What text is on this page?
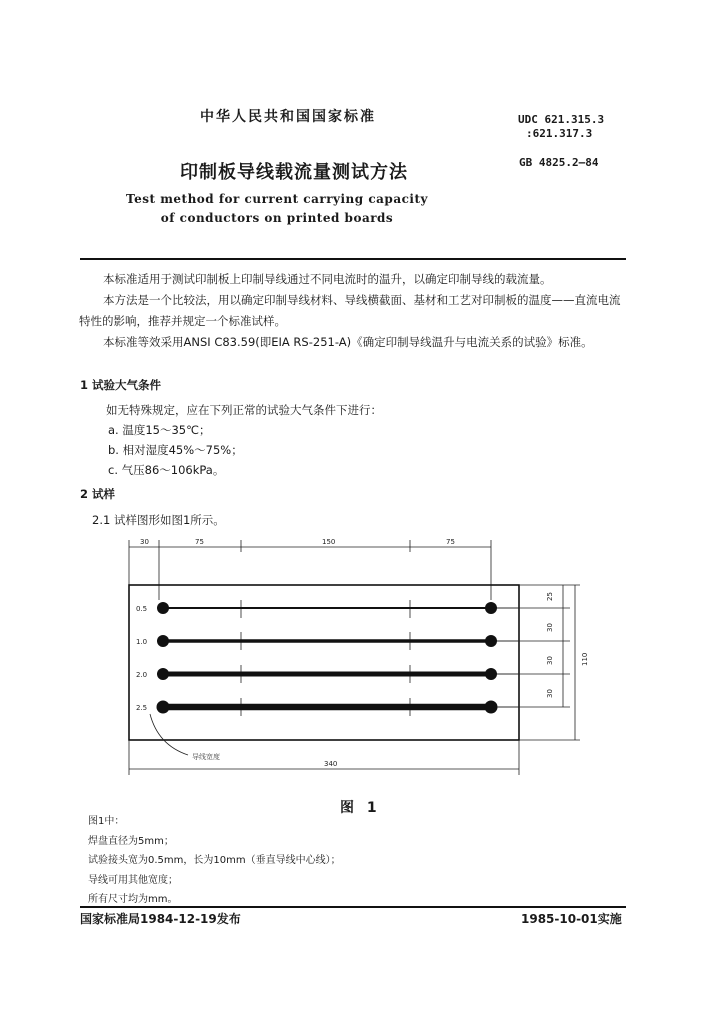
中华人民共和国国家标准	UDC 621.315.3
:621.317.3
印制板导线载流量测试方法	GB 4825.2—84
Test method for current carrying capacity
of conductors on printed boards
本标准适用于测试印制板上印制导线通过不同电流时的温升，以确定印制导线的载流量。
本方法是一个比较法，用以确定印制导线材料、导线横截面、基材和工艺对印制板的温度——直流电流特性的影响，推荐并规定一个标准试样。
本标准等效采用ANSI C83.59(即EIA RS-251-A)《确定印制导线温升与电流关系的试验》标准。
1 试验大气条件
如无特殊规定，应在下列正常的试验大气条件下进行：
a. 温度15～35℃；
b. 相对湿度45%～75%；
c. 气压86～106kPa。
2 试样
2.1 试样图形如图1所示。
30	75	150	75
25
30
30
30
110
0.5
1.0
2.0
2.5
导线宽度
340
图 1
图1中：
焊盘直径为5mm；
试验接头宽为0.5mm，长为10mm（垂直导线中心线）；
导线可用其他宽度；
所有尺寸均为mm。
国家标准局1984-12-19发布	1985-10-01实施
